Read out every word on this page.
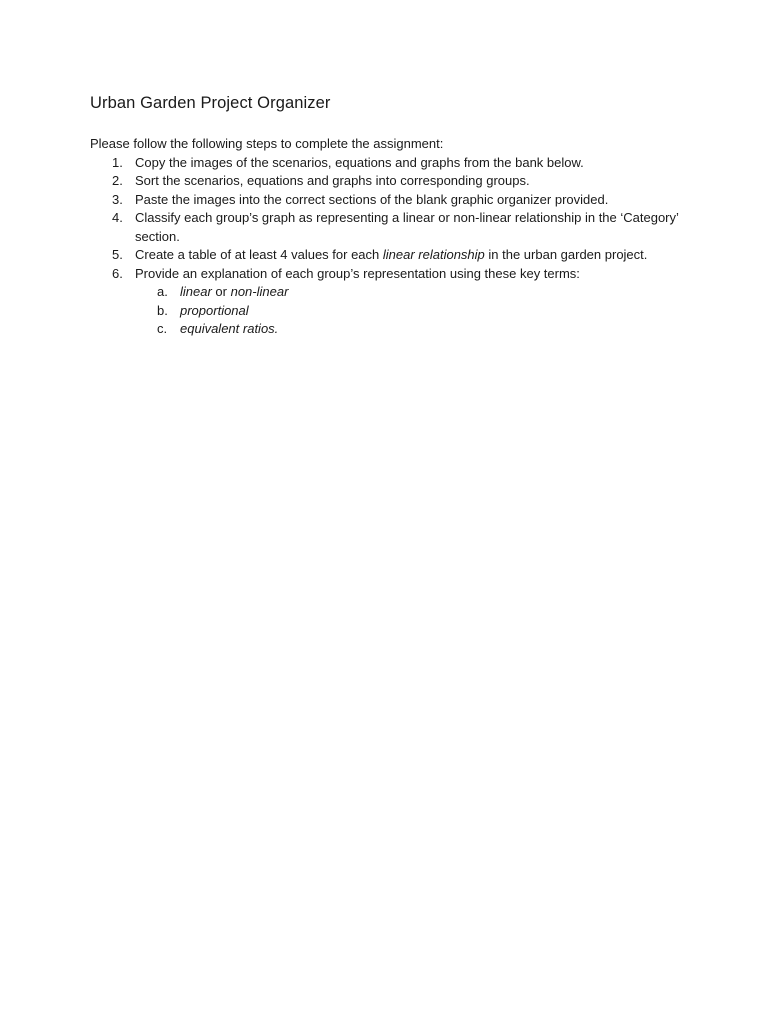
Urban Garden Project Organizer

Please follow the following steps to complete the assignment:

1. Copy the images of the scenarios, equations and graphs from the bank below.
2. Sort the scenarios, equations and graphs into corresponding groups.
3. Paste the images into the correct sections of the blank graphic organizer provided.
4. Classify each group’s graph as representing a linear or non-linear relationship in the ‘Category’ section.
5. Create a table of at least 4 values for each linear relationship in the urban garden project.
6. Provide an explanation of each group’s representation using these key terms:
a. linear or non-linear
b. proportional
c. equivalent ratios.
